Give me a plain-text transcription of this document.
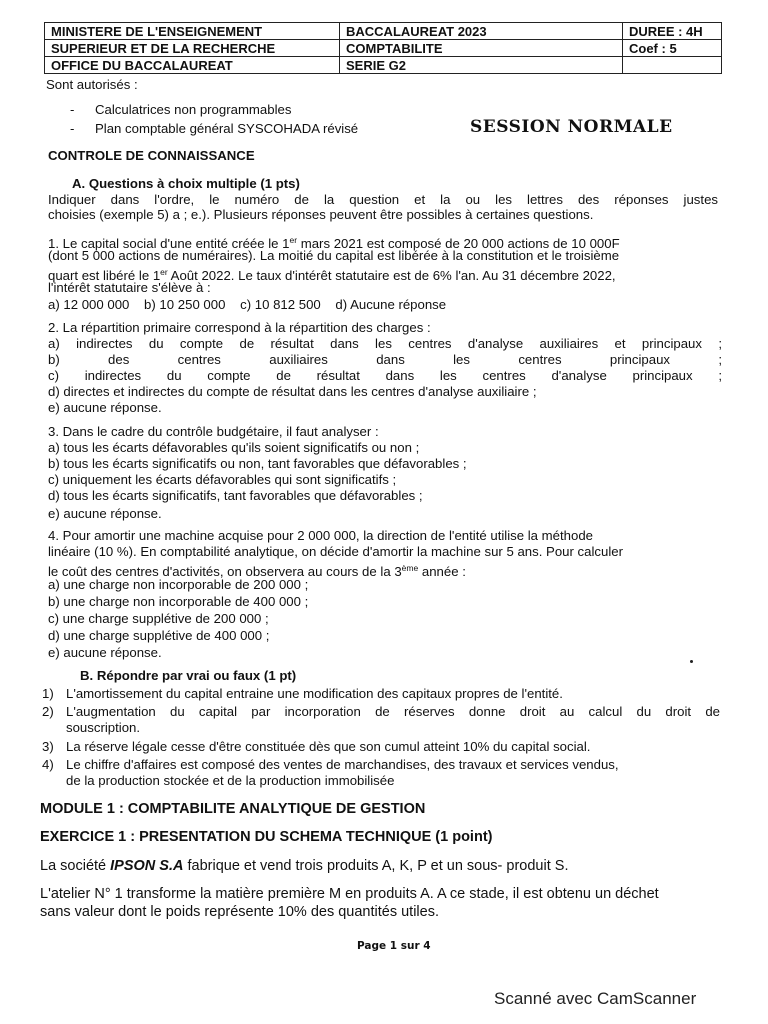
MINISTERE DE L'ENSEIGNEMENT	BACCALAUREAT 2023	DUREE : 4H
SUPERIEUR ET DE LA RECHERCHE	COMPTABILITE	Coef : 5
OFFICE DU BACCALAUREAT	SERIE G2	
Sont autorisés :
- Calculatrices non programmables
- Plan comptable général SYSCOHADA révisé	SESSION NORMALE
CONTROLE DE CONNAISSANCE
A. Questions à choix multiple (1 pts)
Indiquer dans l'ordre, le numéro de la question et la ou les lettres des réponses justes
choisies (exemple 5) a ; e.). Plusieurs réponses peuvent être possibles à certaines questions.
1. Le capital social d'une entité créée le 1er mars 2021 est composé de 20 000 actions de 10 000F
(dont 5 000 actions de numéraires). La moitié du capital est libérée à la constitution et le troisième
quart est libéré le 1er Août 2022. Le taux d'intérêt statutaire est de 6% l'an. Au 31 décembre 2022,
l'intérêt statutaire s'élève à :
a) 12 000 000    b) 10 250 000    c) 10 812 500    d) Aucune réponse
2. La répartition primaire correspond à la répartition des charges :
a) indirectes du compte de résultat dans les centres d'analyse auxiliaires et principaux ;
b) des centres auxiliaires dans les centres principaux ;
c) indirectes du compte de résultat dans les centres d'analyse principaux ;
d) directes et indirectes du compte de résultat dans les centres d'analyse auxiliaire ;
e) aucune réponse.
3. Dans le cadre du contrôle budgétaire, il faut analyser :
a) tous les écarts défavorables qu'ils soient significatifs ou non ;
b) tous les écarts significatifs ou non, tant favorables que défavorables ;
c) uniquement les écarts défavorables qui sont significatifs ;
d) tous les écarts significatifs, tant favorables que défavorables ;
e) aucune réponse.
4. Pour amortir une machine acquise pour 2 000 000, la direction de l'entité utilise la méthode
linéaire (10 %). En comptabilité analytique, on décide d'amortir la machine sur 5 ans. Pour calculer
le coût des centres d'activités, on observera au cours de la 3ème année :
a) une charge non incorporable de 200 000 ;
b) une charge non incorporable de 400 000 ;
c) une charge supplétive de 200 000 ;
d) une charge supplétive de 400 000 ;
e) aucune réponse.
B. Répondre par vrai ou faux (1 pt)
1) L'amortissement du capital entraine une modification des capitaux propres de l'entité.
2) L'augmentation du capital par incorporation de réserves donne droit au calcul du droit de
souscription.
3) La réserve légale cesse d'être constituée dès que son cumul atteint 10% du capital social.
4) Le chiffre d'affaires est composé des ventes de marchandises, des travaux et services vendus,
de la production stockée et de la production immobilisée
MODULE 1 : COMPTABILITE ANALYTIQUE DE GESTION
EXERCICE 1 : PRESENTATION DU SCHEMA TECHNIQUE (1 point)
La société IPSON S.A fabrique et vend trois produits A, K, P et un sous- produit S.
L'atelier N° 1 transforme la matière première M en produits A. A ce stade, il est obtenu un déchet
sans valeur dont le poids représente 10% des quantités utiles.
Page 1 sur 4
Scanné avec CamScanner
